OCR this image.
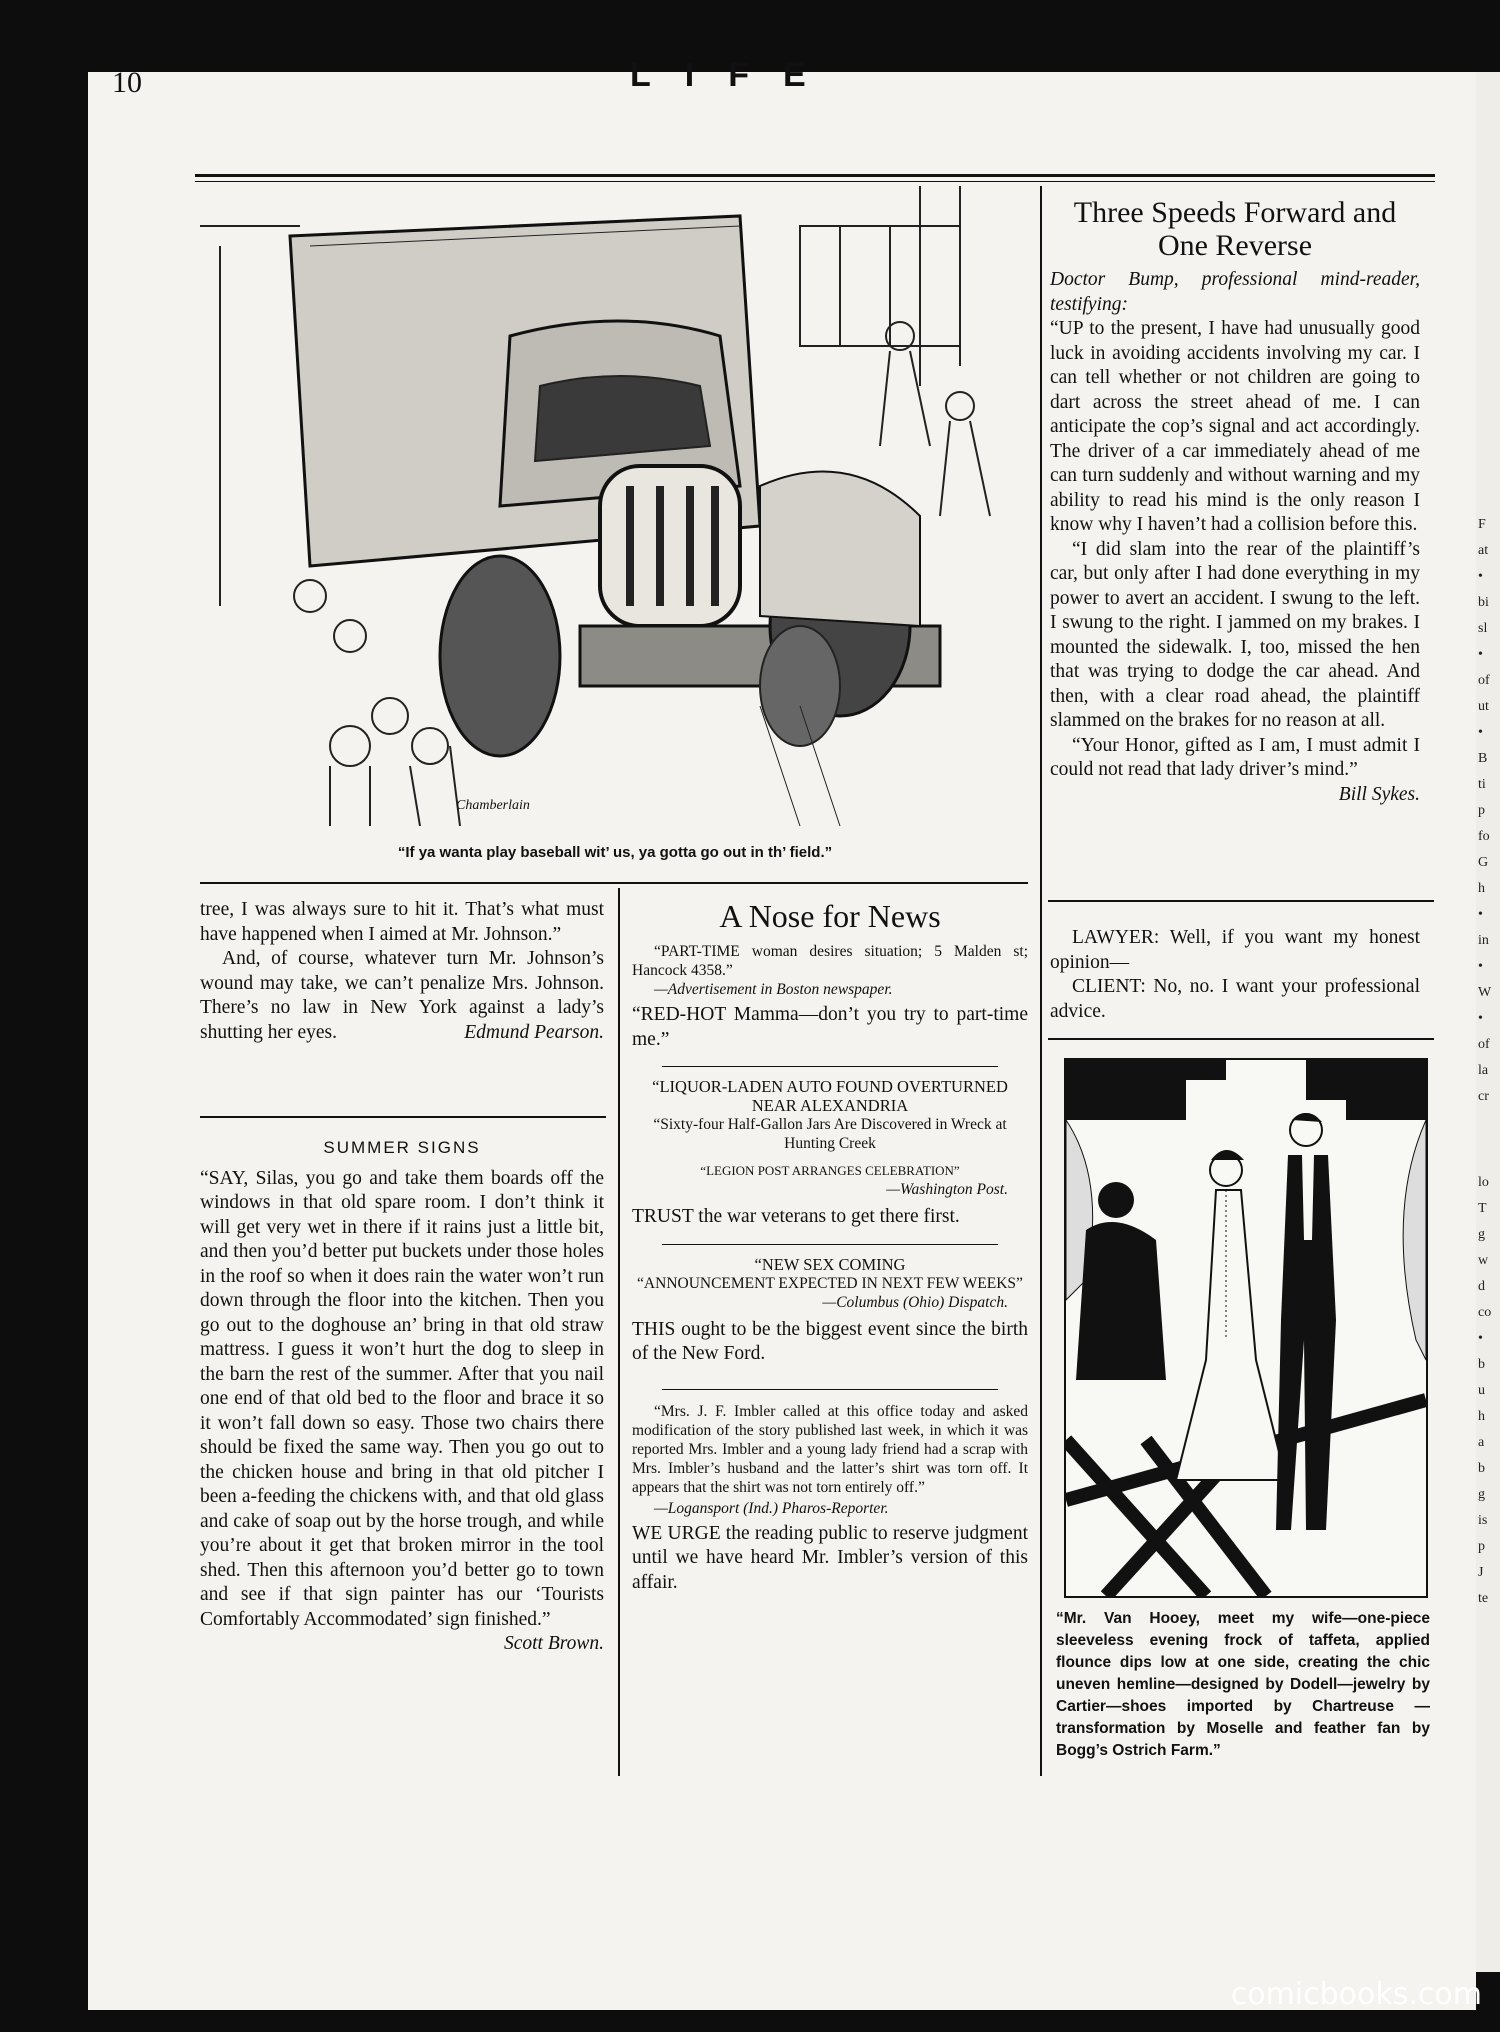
F
at
•
bi
sl
•
of
ut
•
B
ti
p
fo
G
h
•
in
•
W
•
of
la
cr
lo
T
g
w
d
co
•
b
u
h
a
b
g
is
p
J
te
10	LIFE
“If ya wanta play baseball wit’ us, ya gotta go out in th’ field.”
Chamberlain

Three Speeds Forward and One Reverse

Doctor Bump, professional mind-reader, testifying:

“UP to the present, I have had unusually good luck in avoiding accidents involving my car. I can tell whether or not children are going to dart across the street ahead of me. I can anticipate the cop’s signal and act accordingly. The driver of a car immediately ahead of me can turn suddenly and without warning and my ability to read his mind is the only reason I know why I haven’t had a collision before this.

“I did slam into the rear of the plaintiff’s car, but only after I had done everything in my power to avert an accident. I swung to the left. I swung to the right. I jammed on my brakes. I mounted the sidewalk. I, too, missed the hen that was trying to dodge the car ahead. And then, with a clear road ahead, the plaintiff slammed on the brakes for no reason at all.

“Your Honor, gifted as I am, I must admit I could not read that lady driver’s mind.”

Bill Sykes.

LAWYER: Well, if you want my honest opinion—

CLIENT: No, no. I want your professional advice.

“Mr. Van Hooey, meet my wife—one-piece sleeveless evening frock of taffeta, applied flounce dips low at one side, creating the chic uneven hemline—designed by Dodell—jewelry by Cartier—shoes imported by Chartreuse — transformation by Moselle and feather fan by Bogg’s Ostrich Farm.”

tree, I was always sure to hit it. That’s what must have happened when I aimed at Mr. Johnson.”

And, of course, whatever turn Mr. Johnson’s wound may take, we can’t penalize Mrs. Johnson. There’s no law in New York against a lady’s shutting her eyes.	Edmund Pearson.

SUMMER SIGNS

“SAY, Silas, you go and take them boards off the windows in that old spare room. I don’t think it will get very wet in there if it rains just a little bit, and then you’d better put buckets under those holes in the roof so when it does rain the water won’t run down through the floor into the kitchen. Then you go out to the doghouse an’ bring in that old straw mattress. I guess it won’t hurt the dog to sleep in the barn the rest of the summer. After that you nail one end of that old bed to the floor and brace it so it won’t fall down so easy. Those two chairs there should be fixed the same way. Then you go out to the chicken house and bring in that old pitcher I been a-feeding the chickens with, and that old glass and cake of soap out by the horse trough, and while you’re about it get that broken mirror in the tool shed. Then this afternoon you’d better go to town and see if that sign painter has our ‘Tourists Comfortably Accommodated’ sign finished.”

Scott Brown.

A Nose for News

“PART-TIME woman desires situation; 5 Malden st; Hancock 4358.”

—Advertisement in Boston newspaper.

“RED-HOT Mamma—don’t you try to part-time me.”

“LIQUOR-LADEN AUTO FOUND OVERTURNED NEAR ALEXANDRIA

“Sixty-four Half-Gallon Jars Are Discovered in Wreck at Hunting Creek

“LEGION POST ARRANGES CELEBRATION”

—Washington Post.

TRUST the war veterans to get there first.

“NEW SEX COMING

“ANNOUNCEMENT EXPECTED IN NEXT FEW WEEKS”

—Columbus (Ohio) Dispatch.

THIS ought to be the biggest event since the birth of the New Ford.

“Mrs. J. F. Imbler called at this office today and asked modification of the story published last week, in which it was reported Mrs. Imbler and a young lady friend had a scrap with Mrs. Imbler’s husband and the latter’s shirt was torn off. It appears that the shirt was not torn entirely off.”

—Logansport (Ind.) Pharos-Reporter.

WE URGE the reading public to reserve judgment until we have heard Mr. Imbler’s version of this affair.

comicbooks.com
